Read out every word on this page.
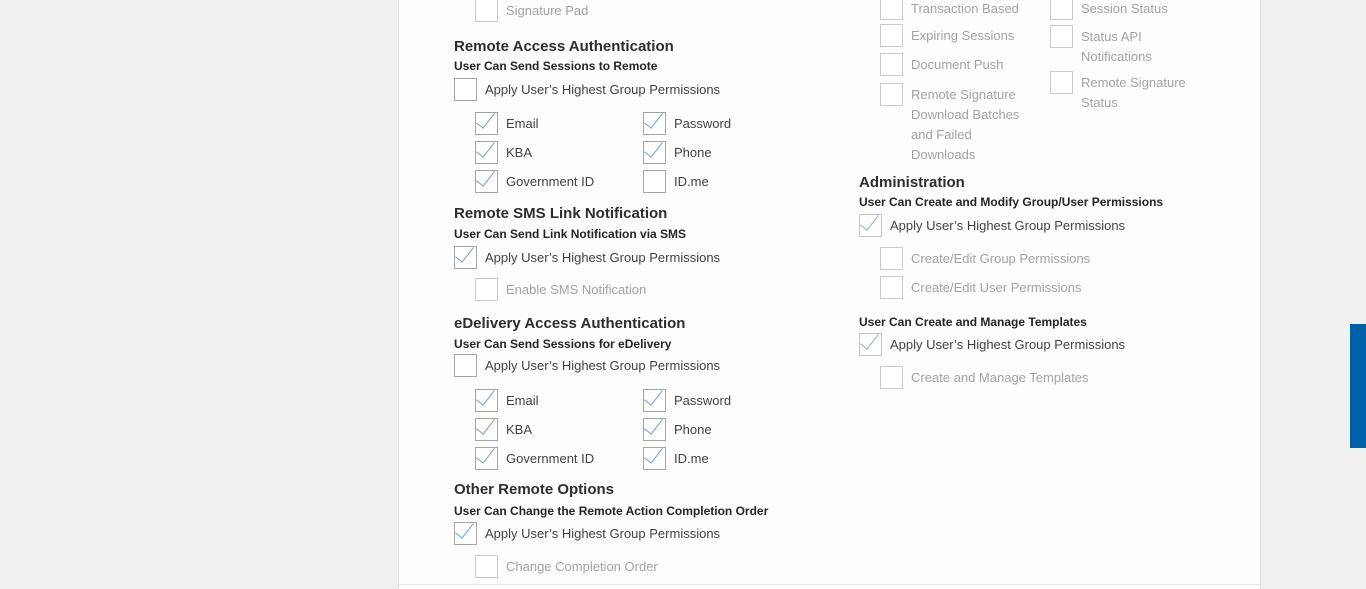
Signature Pad
Remote Access Authentication
User Can Send Sessions to Remote
Apply User’s Highest Group Permissions
Email	Password
KBA	Phone
Government ID	ID.me
Remote SMS Link Notification
User Can Send Link Notification via SMS
Apply User’s Highest Group Permissions
Enable SMS Notification
eDelivery Access Authentication
User Can Send Sessions for eDelivery
Apply User’s Highest Group Permissions
Email	Password
KBA	Phone
Government ID	ID.me
Other Remote Options
User Can Change the Remote Action Completion Order
Apply User’s Highest Group Permissions
Change Completion Order
Transaction Based	Session Status
Expiring Sessions	Status API Notifications
Document Push
Remote Signature Status
Remote Signature Download Batches and Failed Downloads
Administration
User Can Create and Modify Group/User Permissions
Apply User’s Highest Group Permissions
Create/Edit Group Permissions
Create/Edit User Permissions
User Can Create and Manage Templates
Apply User’s Highest Group Permissions
Create and Manage Templates
